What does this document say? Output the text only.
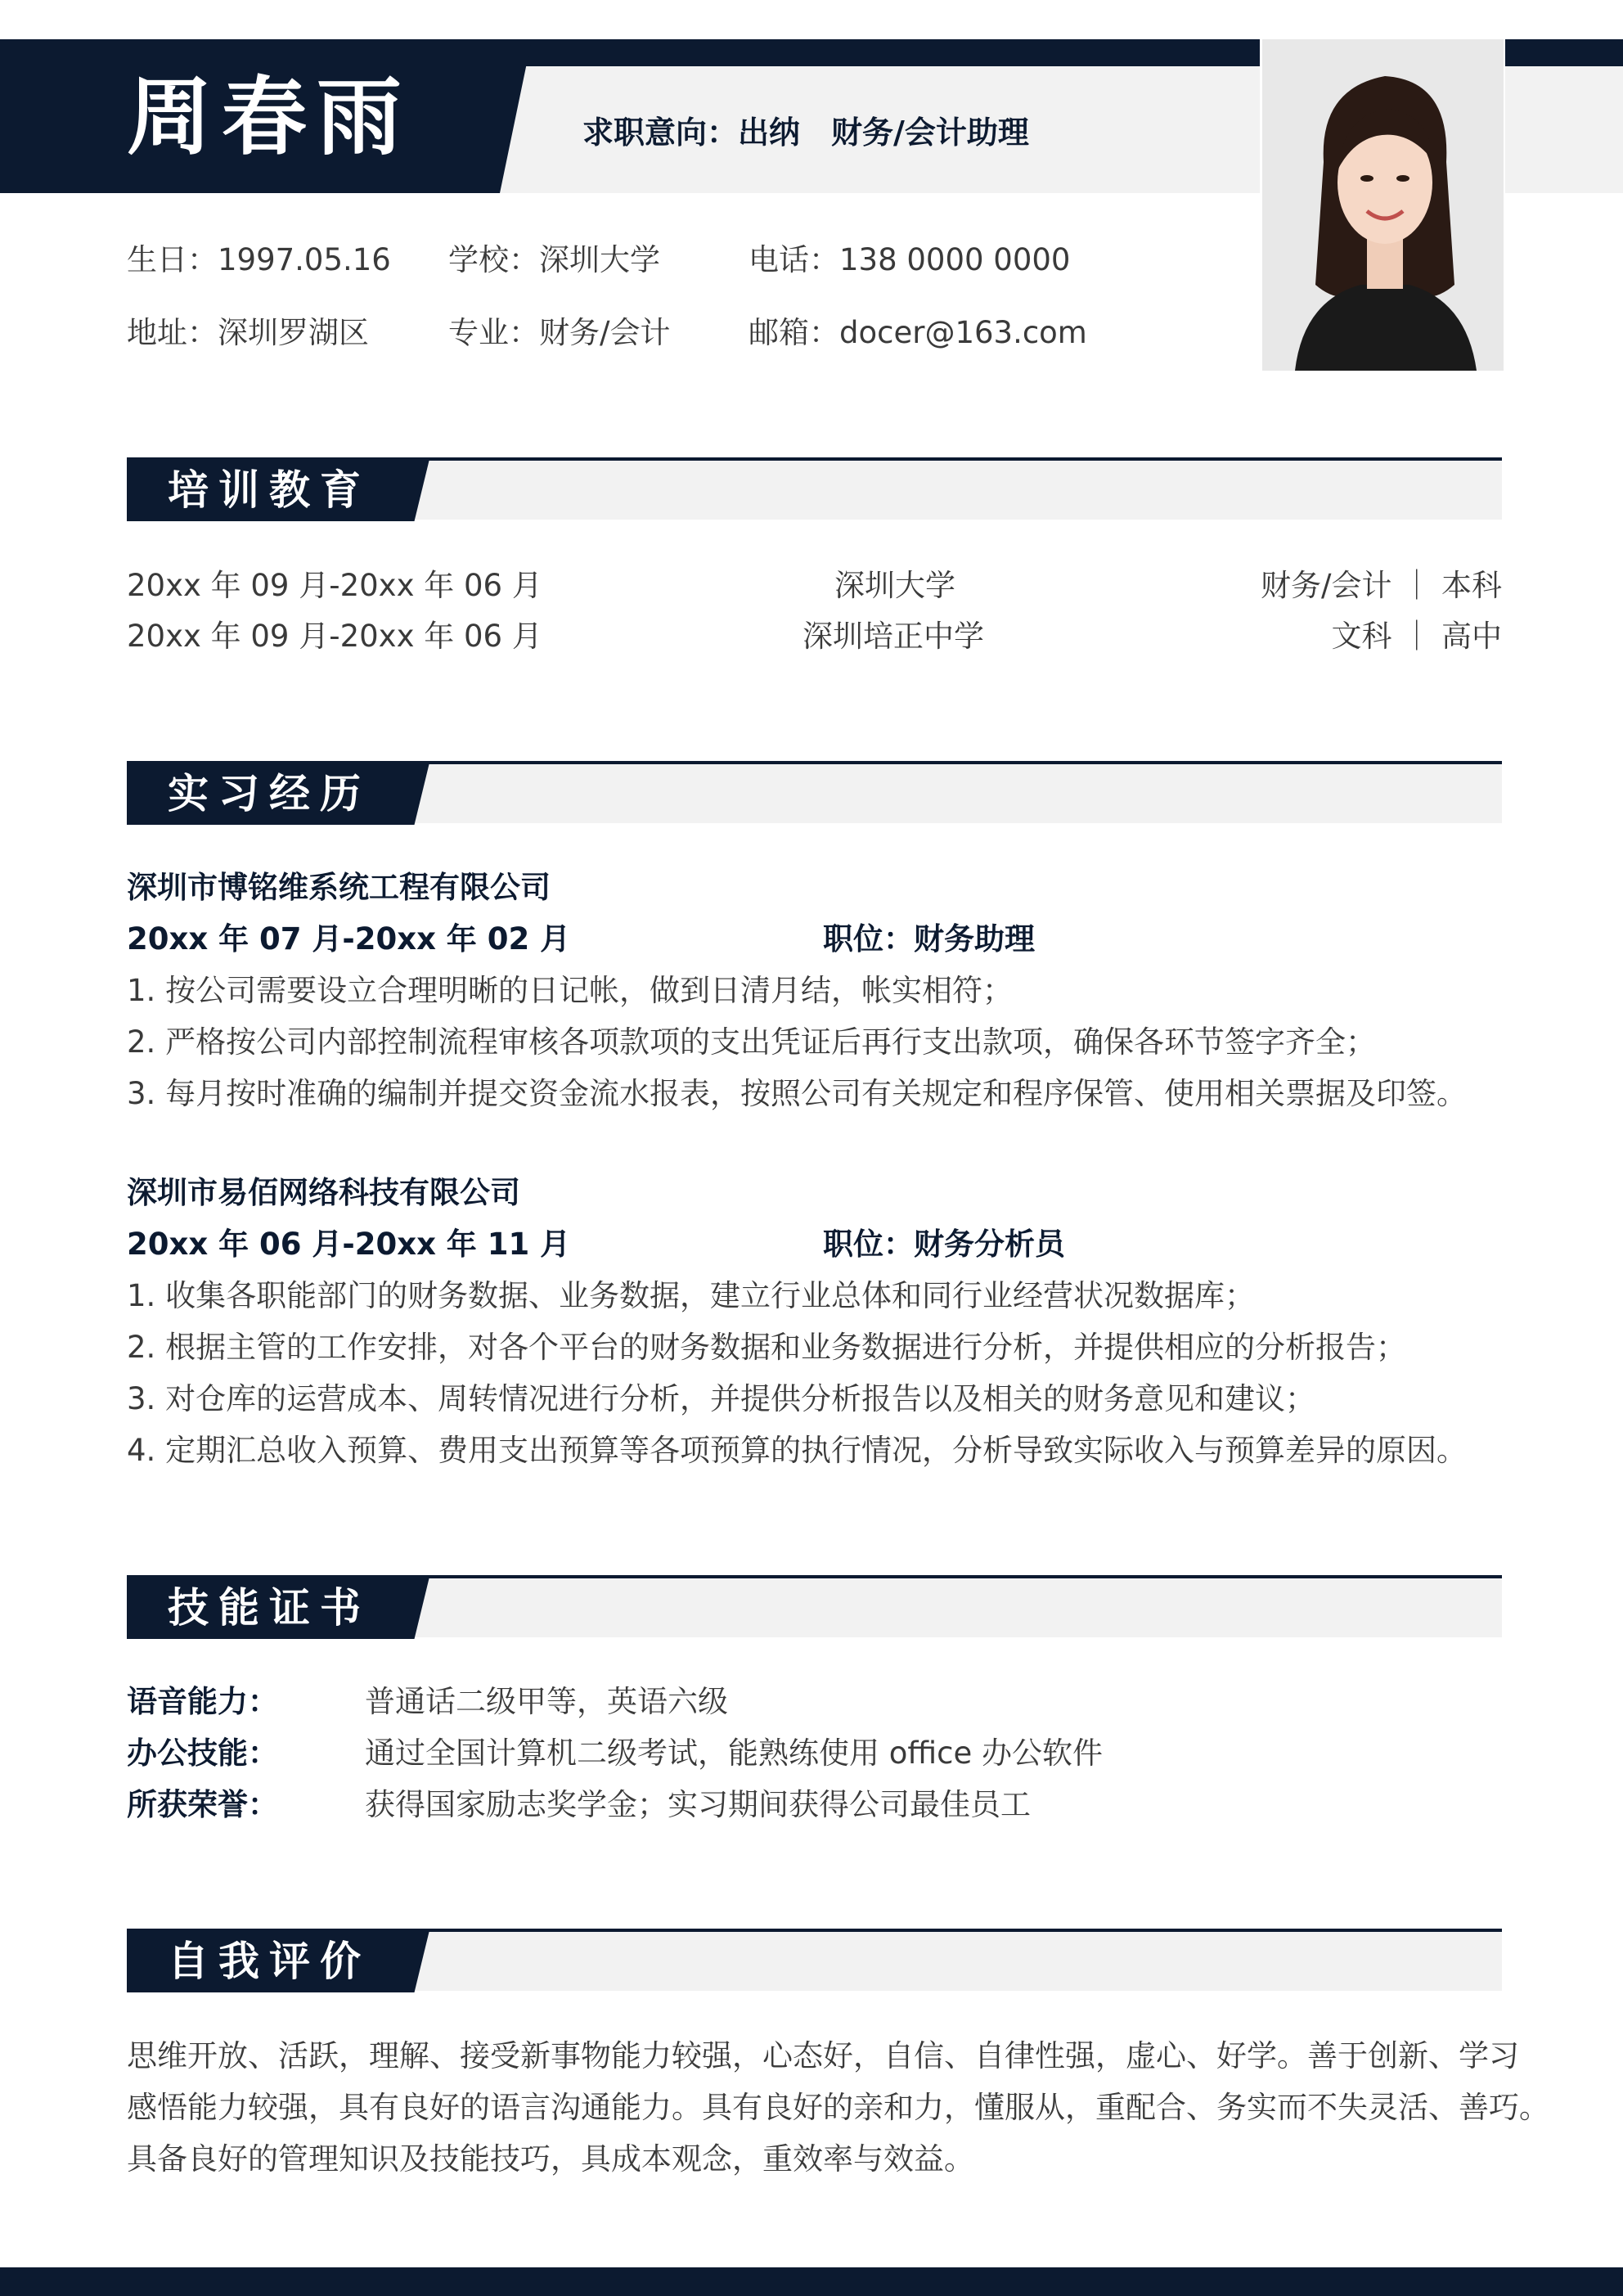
周春雨	求职意向：出纳　财务/会计助理
生日：1997.05.16 学校：深圳大学	电话：138 0000 0000
地址：深圳罗湖区	专业：财务/会计	邮箱：docer@163.com
培训教育
20xx 年 09 月-20xx 年 06 月	深圳大学	财务/会计 ｜ 本科
20xx 年 09 月-20xx 年 06 月	深圳培正中学	文科 ｜ 高中
实习经历
深圳市博铭维系统工程有限公司
20xx 年 07 月-20xx 年 02 月	职位：财务助理
1. 按公司需要设立合理明晰的日记帐，做到日清月结，帐实相符；
2. 严格按公司内部控制流程审核各项款项的支出凭证后再行支出款项，确保各环节签字齐全；
3. 每月按时准确的编制并提交资金流水报表，按照公司有关规定和程序保管、使用相关票据及印签。
深圳市易佰网络科技有限公司
20xx 年 06 月-20xx 年 11 月	职位：财务分析员
1. 收集各职能部门的财务数据、业务数据，建立行业总体和同行业经营状况数据库；
2. 根据主管的工作安排，对各个平台的财务数据和业务数据进行分析，并提供相应的分析报告；
3. 对仓库的运营成本、周转情况进行分析，并提供分析报告以及相关的财务意见和建议；
4. 定期汇总收入预算、费用支出预算等各项预算的执行情况，分析导致实际收入与预算差异的原因。
技能证书
语音能力：	普通话二级甲等，英语六级
办公技能：	通过全国计算机二级考试，能熟练使用 office 办公软件
所获荣誉：	获得国家励志奖学金；实习期间获得公司最佳员工
自我评价
思维开放、活跃，理解、接受新事物能力较强，心态好，自信、自律性强，虚心、好学。善于创新、学习
感悟能力较强，具有良好的语言沟通能力。具有良好的亲和力，懂服从，重配合、务实而不失灵活、善巧。
具备良好的管理知识及技能技巧，具成本观念，重效率与效益。
